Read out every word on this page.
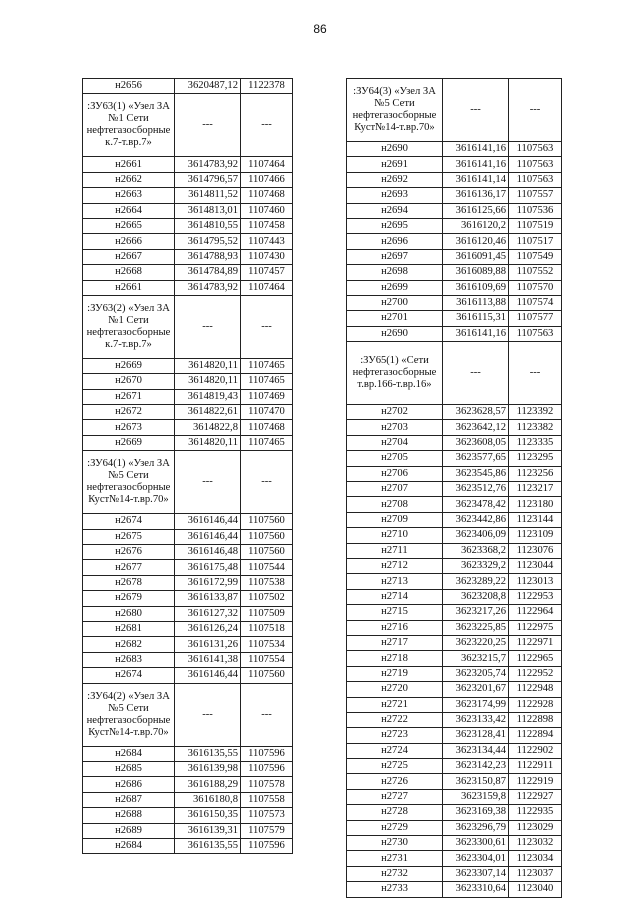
86
н2656	3620487,12	1122378
:ЗУ63(1) «Узел ЗА №1 Сети нефтегазосборные к.7-т.вр.7»	---	---
н2661	3614783,92	1107464
н2662	3614796,57	1107466
н2663	3614811,52	1107468
н2664	3614813,01	1107460
н2665	3614810,55	1107458
н2666	3614795,52	1107443
н2667	3614788,93	1107430
н2668	3614784,89	1107457
н2661	3614783,92	1107464
:ЗУ63(2) «Узел ЗА №1 Сети нефтегазосборные к.7-т.вр.7»	---	---
н2669	3614820,11	1107465
н2670	3614820,11	1107465
н2671	3614819,43	1107469
н2672	3614822,61	1107470
н2673	3614822,8	1107468
н2669	3614820,11	1107465
:ЗУ64(1) «Узел ЗА №5 Сети нефтегазосборные Куст№14-т.вр.70»	---	---
н2674	3616146,44	1107560
н2675	3616146,44	1107560
н2676	3616146,48	1107560
н2677	3616175,48	1107544
н2678	3616172,99	1107538
н2679	3616133,87	1107502
н2680	3616127,32	1107509
н2681	3616126,24	1107518
н2682	3616131,26	1107534
н2683	3616141,38	1107554
н2674	3616146,44	1107560
:ЗУ64(2) «Узел ЗА №5 Сети нефтегазосборные Куст№14-т.вр.70»	---	---
н2684	3616135,55	1107596
н2685	3616139,98	1107596
н2686	3616188,29	1107578
н2687	3616180,8	1107558
н2688	3616150,35	1107573
н2689	3616139,31	1107579
н2684	3616135,55	1107596
:ЗУ64(3) «Узел ЗА №5 Сети нефтегазосборные Куст№14-т.вр.70»	---	---
н2690	3616141,16	1107563
н2691	3616141,16	1107563
н2692	3616141,14	1107563
н2693	3616136,17	1107557
н2694	3616125,66	1107536
н2695	3616120,2	1107519
н2696	3616120,46	1107517
н2697	3616091,45	1107549
н2698	3616089,88	1107552
н2699	3616109,69	1107570
н2700	3616113,88	1107574
н2701	3616115,31	1107577
н2690	3616141,16	1107563
:ЗУ65(1) «Сети нефтегазосборные т.вр.166-т.вр.16»	---	---
н2702	3623628,57	1123392
н2703	3623642,12	1123382
н2704	3623608,05	1123335
н2705	3623577,65	1123295
н2706	3623545,86	1123256
н2707	3623512,76	1123217
н2708	3623478,42	1123180
н2709	3623442,86	1123144
н2710	3623406,09	1123109
н2711	3623368,2	1123076
н2712	3623329,2	1123044
н2713	3623289,22	1123013
н2714	3623208,8	1122953
н2715	3623217,26	1122964
н2716	3623225,85	1122975
н2717	3623220,25	1122971
н2718	3623215,7	1122965
н2719	3623205,74	1122952
н2720	3623201,67	1122948
н2721	3623174,99	1122928
н2722	3623133,42	1122898
н2723	3623128,41	1122894
н2724	3623134,44	1122902
н2725	3623142,23	1122911
н2726	3623150,87	1122919
н2727	3623159,8	1122927
н2728	3623169,38	1122935
н2729	3623296,79	1123029
н2730	3623300,61	1123032
н2731	3623304,01	1123034
н2732	3623307,14	1123037
н2733	3623310,64	1123040
